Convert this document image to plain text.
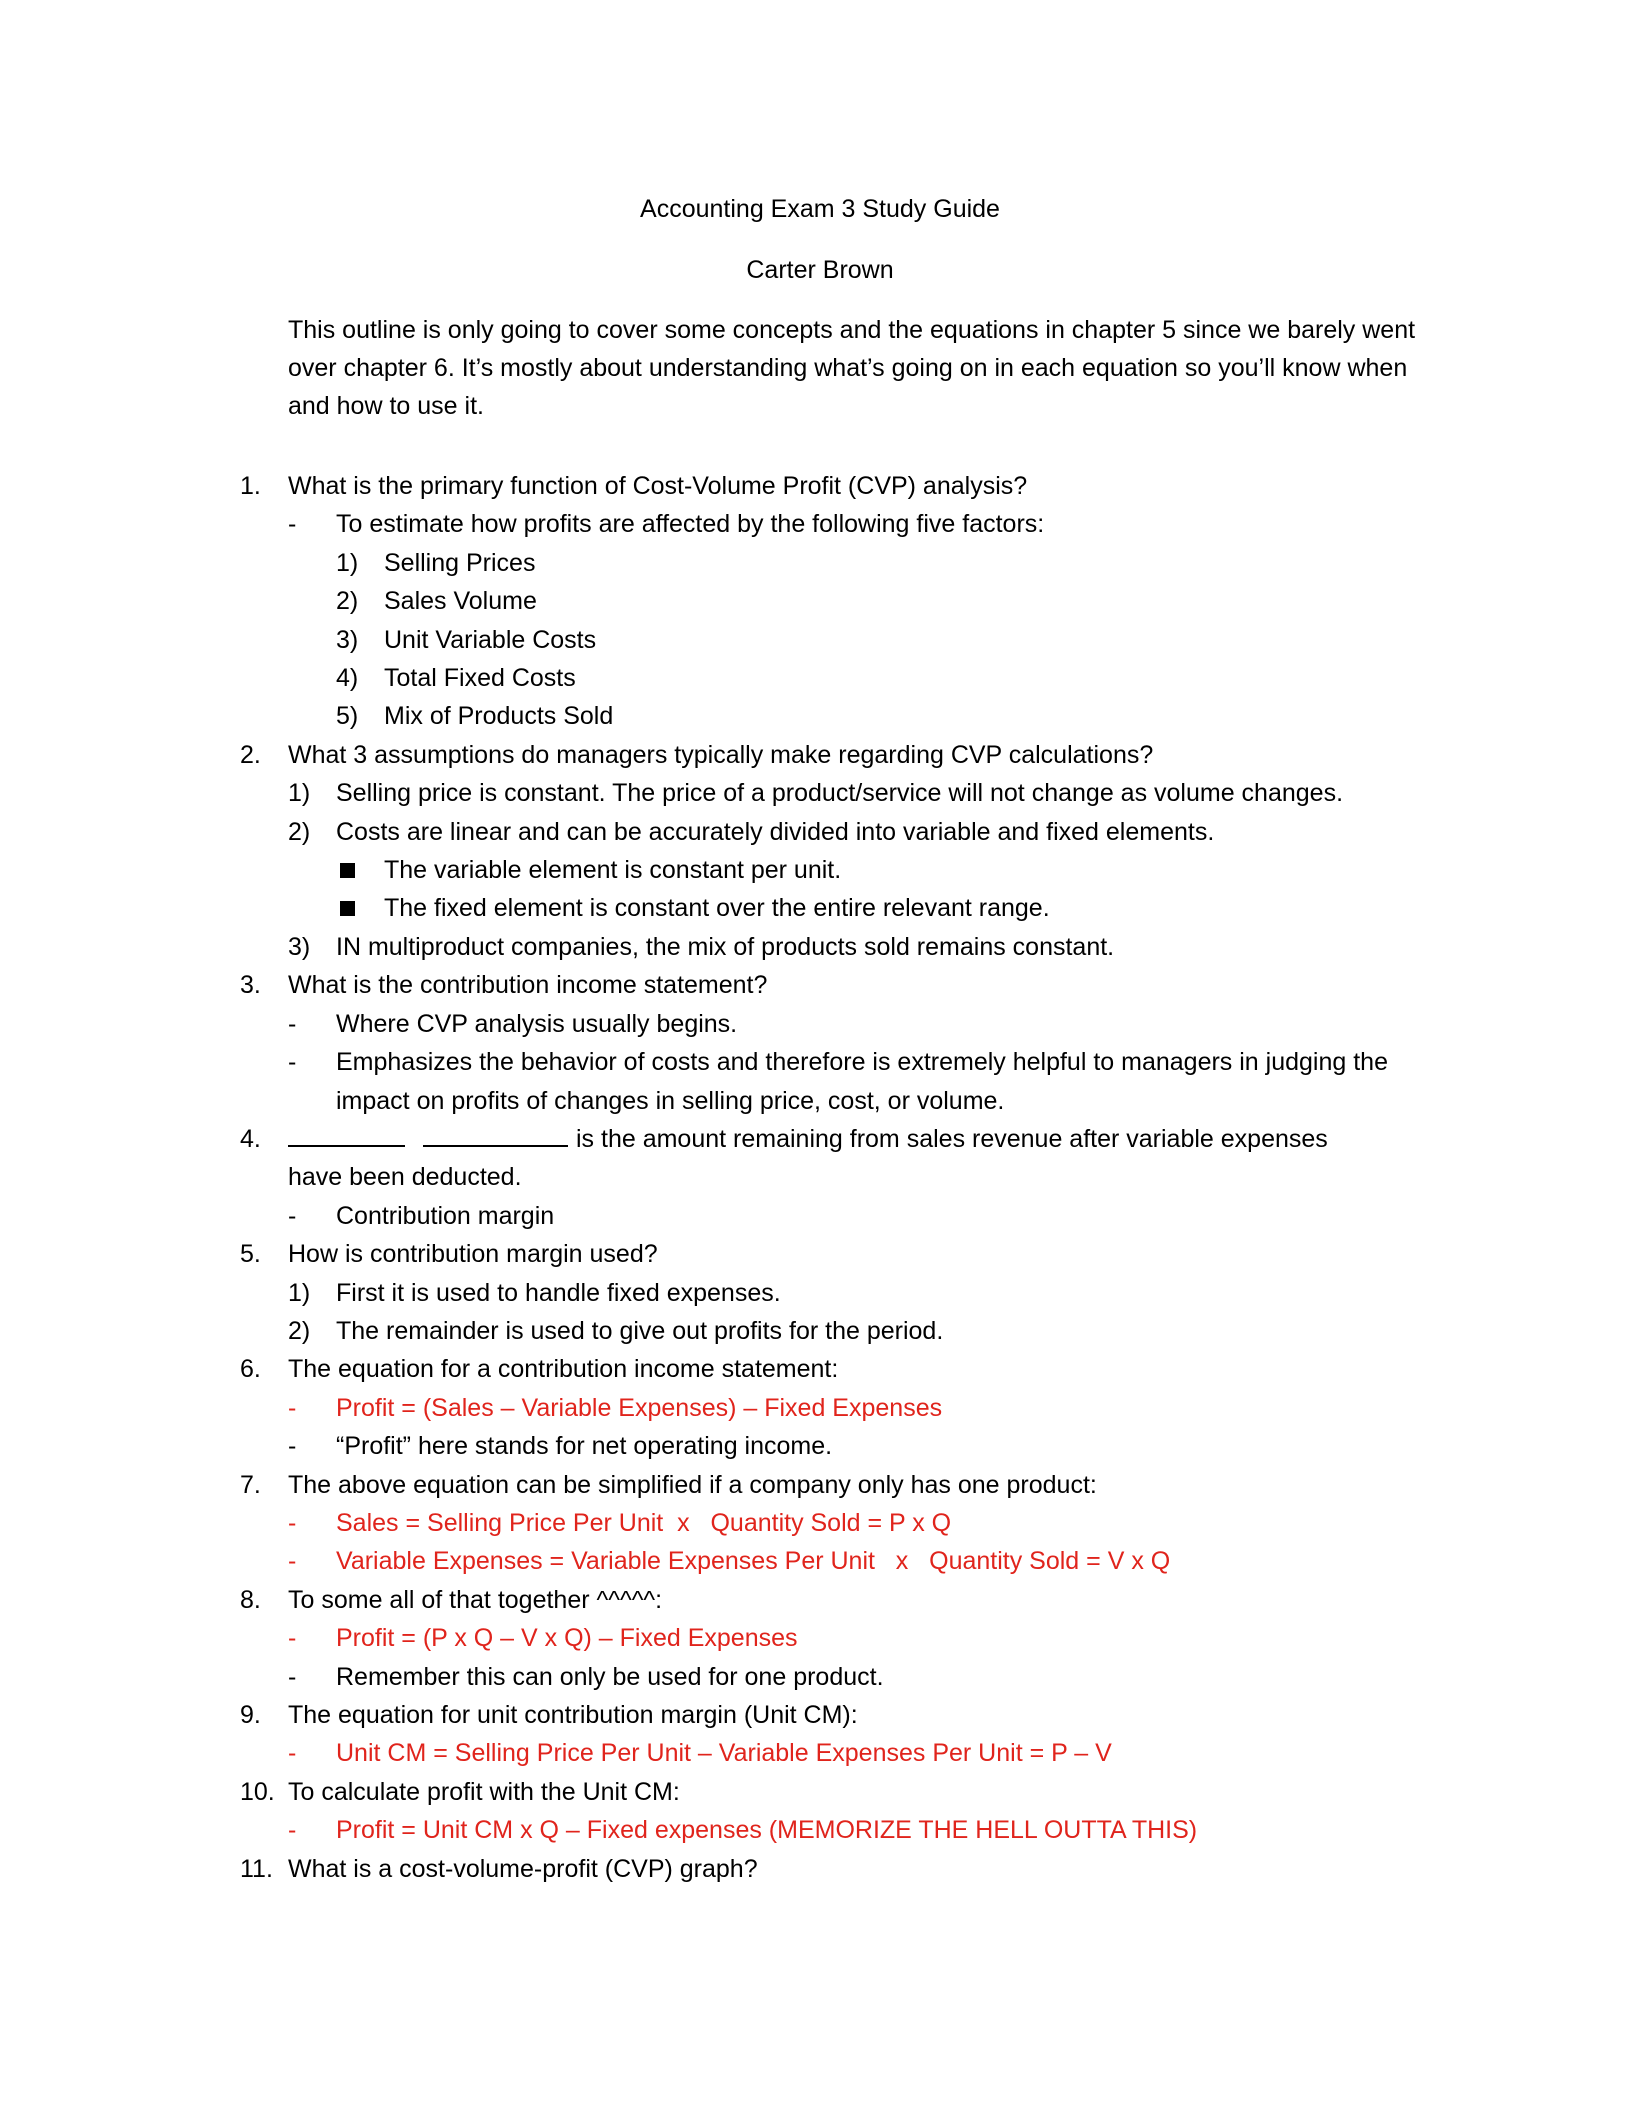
Accounting Exam 3 Study Guide
Carter Brown

This outline is only going to cover some concepts and the equations in chapter 5 since we barely went over chapter 6. It’s mostly about understanding what’s going on in each equation so you’ll know when and how to use it.

1. What is the primary function of Cost-Volume Profit (CVP) analysis?
- To estimate how profits are affected by the following five factors:
1) Selling Prices
2) Sales Volume
3) Unit Variable Costs
4) Total Fixed Costs
5) Mix of Products Sold
2. What 3 assumptions do managers typically make regarding CVP calculations?
1) Selling price is constant. The price of a product/service will not change as volume changes.
2) Costs are linear and can be accurately divided into variable and fixed elements.
The variable element is constant per unit.
The fixed element is constant over the entire relevant range.
3) IN multiproduct companies, the mix of products sold remains constant.
3. What is the contribution income statement?
- Where CVP analysis usually begins.
- Emphasizes the behavior of costs and therefore is extremely helpful to managers in judging the impact on profits of changes in selling price, cost, or volume.
4.	is the amount remaining from sales revenue after variable expenses
have been deducted.
- Contribution margin
5. How is contribution margin used?
1) First it is used to handle fixed expenses.
2) The remainder is used to give out profits for the period.
6. The equation for a contribution income statement:
- Profit = (Sales – Variable Expenses) – Fixed Expenses
- “Profit” here stands for net operating income.
7. The above equation can be simplified if a company only has one product:
- Sales = Selling Price Per Unit  x   Quantity Sold = P x Q
- Variable Expenses = Variable Expenses Per Unit   x   Quantity Sold = V x Q
8. To some all of that together ^^^^^:
- Profit = (P x Q – V x Q) – Fixed Expenses
- Remember this can only be used for one product.
9. The equation for unit contribution margin (Unit CM):
- Unit CM = Selling Price Per Unit – Variable Expenses Per Unit = P – V
10. To calculate profit with the Unit CM:
- Profit = Unit CM x Q – Fixed expenses (MEMORIZE THE HELL OUTTA THIS)
11. What is a cost-volume-profit (CVP) graph?
